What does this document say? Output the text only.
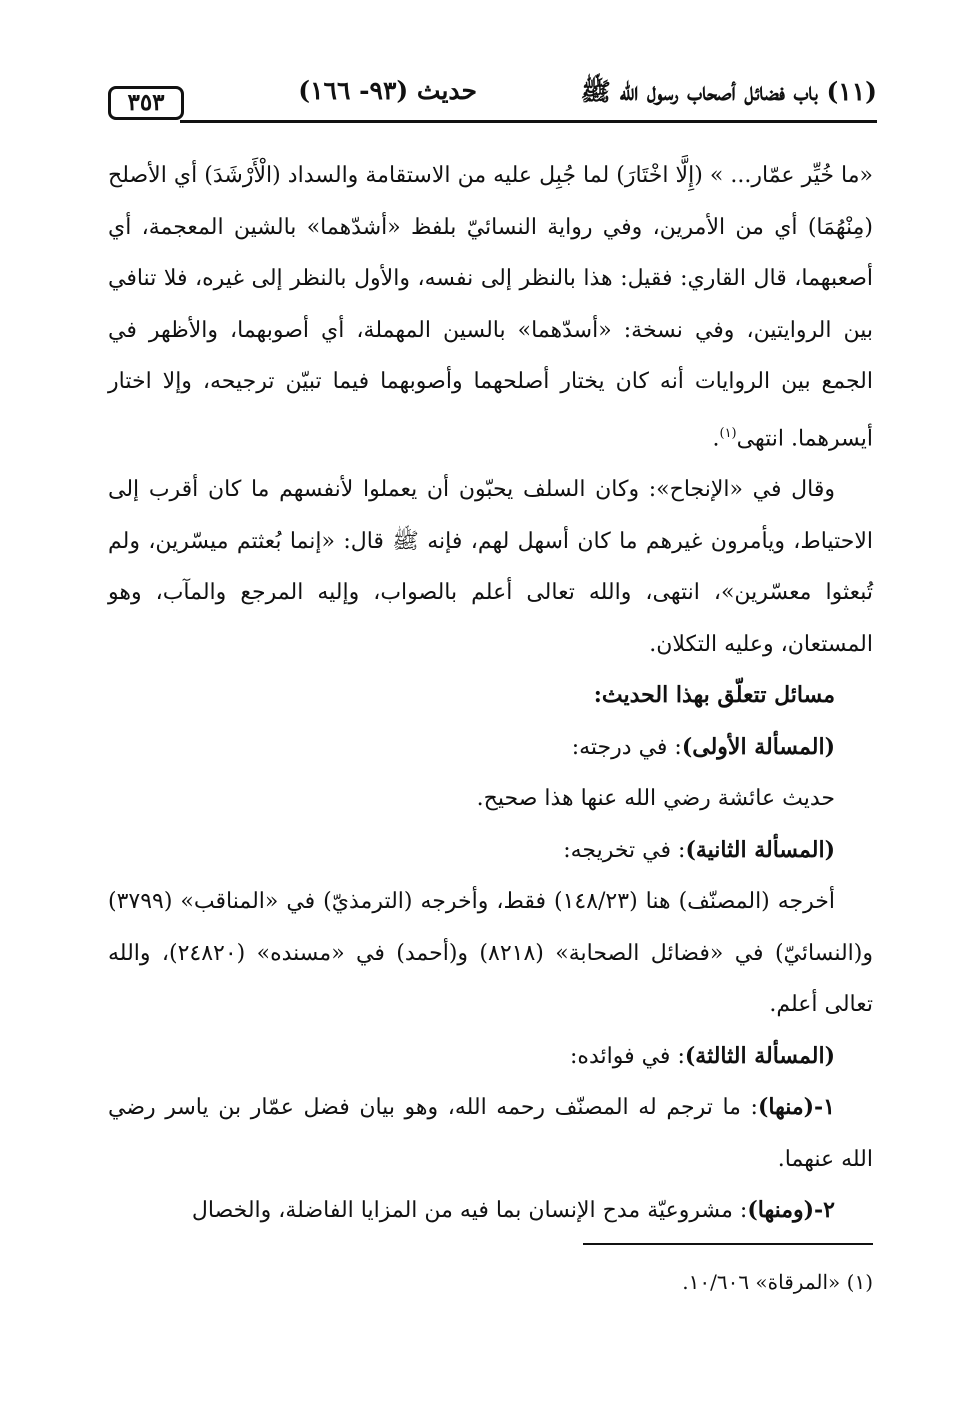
(١١) باب فضائل أصحاب رسول الله ﷺ
حديث (٩٣- ١٦٦)
٣٥٣

«ما خُيِّر عمّار... » (إِلَّا اخْتَارَ) لما جُبِل عليه من الاستقامة والسداد (الْأَرْشَدَ) أي الأصلح (مِنْهُمَا) أي من الأمرين، وفي رواية النسائيّ بلفظ «أشدّهما» بالشين المعجمة، أي أصعبهما، قال القاري: فقيل: هذا بالنظر إلى نفسه، والأول بالنظر إلى غيره، فلا تنافي بين الروايتين، وفي نسخة: «أسدّهما» بالسين المهملة، أي أصوبهما، والأظهر في الجمع بين الروايات أنه كان يختار أصلحهما وأصوبهما فيما تبيّن ترجيحه، وإلا اختار أيسرهما. انتهى$^{(١)}$.

وقال في «الإنجاح»: وكان السلف يحبّون أن يعملوا لأنفسهم ما كان أقرب إلى الاحتياط، ويأمرون غيرهم ما كان أسهل لهم، فإنه ﷺ قال: «إنما بُعثتم ميسّرين، ولم تُبعثوا معسّرين»، انتهى، والله تعالى أعلم بالصواب، وإليه المرجع والمآب، وهو المستعان، وعليه التكلان.

مسائل تتعلّق بهذا الحديث:

(المسألة الأولى): في درجته:

حديث عائشة رضي الله عنها هذا صحيح.

(المسألة الثانية): في تخريجه:

أخرجه (المصنّف) هنا (١٤٨/٢٣) فقط، وأخرجه (الترمذيّ) في «المناقب» (٣٧٩٩) و(النسائيّ) في «فضائل الصحابة» (٨٢١٨) و(أحمد) في «مسنده» (٢٤٨٢٠)، والله تعالى أعلم.

(المسألة الثالثة): في فوائده:

١-(منها): ما ترجم له المصنّف رحمه الله، وهو بيان فضل عمّار بن ياسر رضي الله عنهما.

٢-(ومنها): مشروعيّة مدح الإنسان بما فيه من المزايا الفاضلة، والخصال

(١) «المرقاة» ١٠/٦٠٦.
